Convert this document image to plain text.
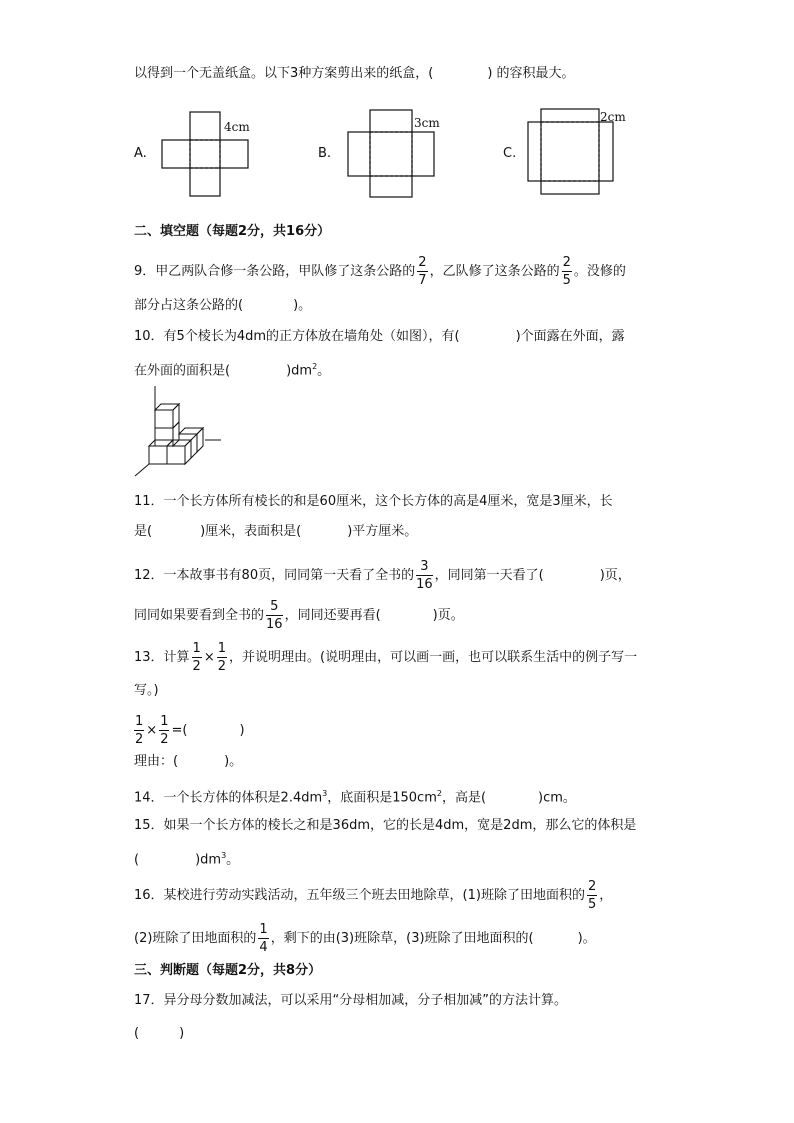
以得到一个无盖纸盒。以下3种方案剪出来的纸盒，(	) 的容积最大。
A.
4cm
B.
3cm
C.
2cm
二、填空题（每题2分，共16分）
9．甲乙两队合修一条公路，甲队修了这条公路的 $\frac{2}{7}$ ，乙队修了这条公路的 $\frac{2}{5}$ 。没修的
部分占这条公路的(	)。
10．有5个棱长为4dm的正方体放在墙角处（如图），有(	)个面露在外面，露
在外面的面积是(	)$dm^2$。
11．一个长方体所有棱长的和是60厘米，这个长方体的高是4厘米，宽是3厘米，长
是(	)厘米，表面积是(	)平方厘米。
12．一本故事书有80页，同同第一天看了全书的 $\frac{3}{16}$ ，同同第一天看了(	)页，
同同如果要看到全书的 $\frac{5}{16}$ ，同同还要再看(	)页。
13．计算 $\frac{1}{2} \times \frac{1}{2}$ ，并说明理由。(说明理由，可以画一画，也可以联系生活中的例子写一
写。)
$\frac{1}{2} \times \frac{1}{2}$ =(	)
理由：(	)。
14．一个长方体的体积是$2.4dm^3$，底面积是$150cm^2$，高是(	)cm。
15．如果一个长方体的棱长之和是36dm，它的长是4dm，宽是2dm，那么它的体积是
(	)$dm^3$。
16．某校进行劳动实践活动，五年级三个班去田地除草，(1)班除了田地面积的 $\frac{2}{5}$ ，
(2)班除了田地面积的 $\frac{1}{4}$ ，剩下的由(3)班除草，(3)班除了田地面积的(	)。
三、判断题（每题2分，共8分）
17．异分母分数加减法，可以采用“分母相加减，分子相加减”的方法计算。
(	)
